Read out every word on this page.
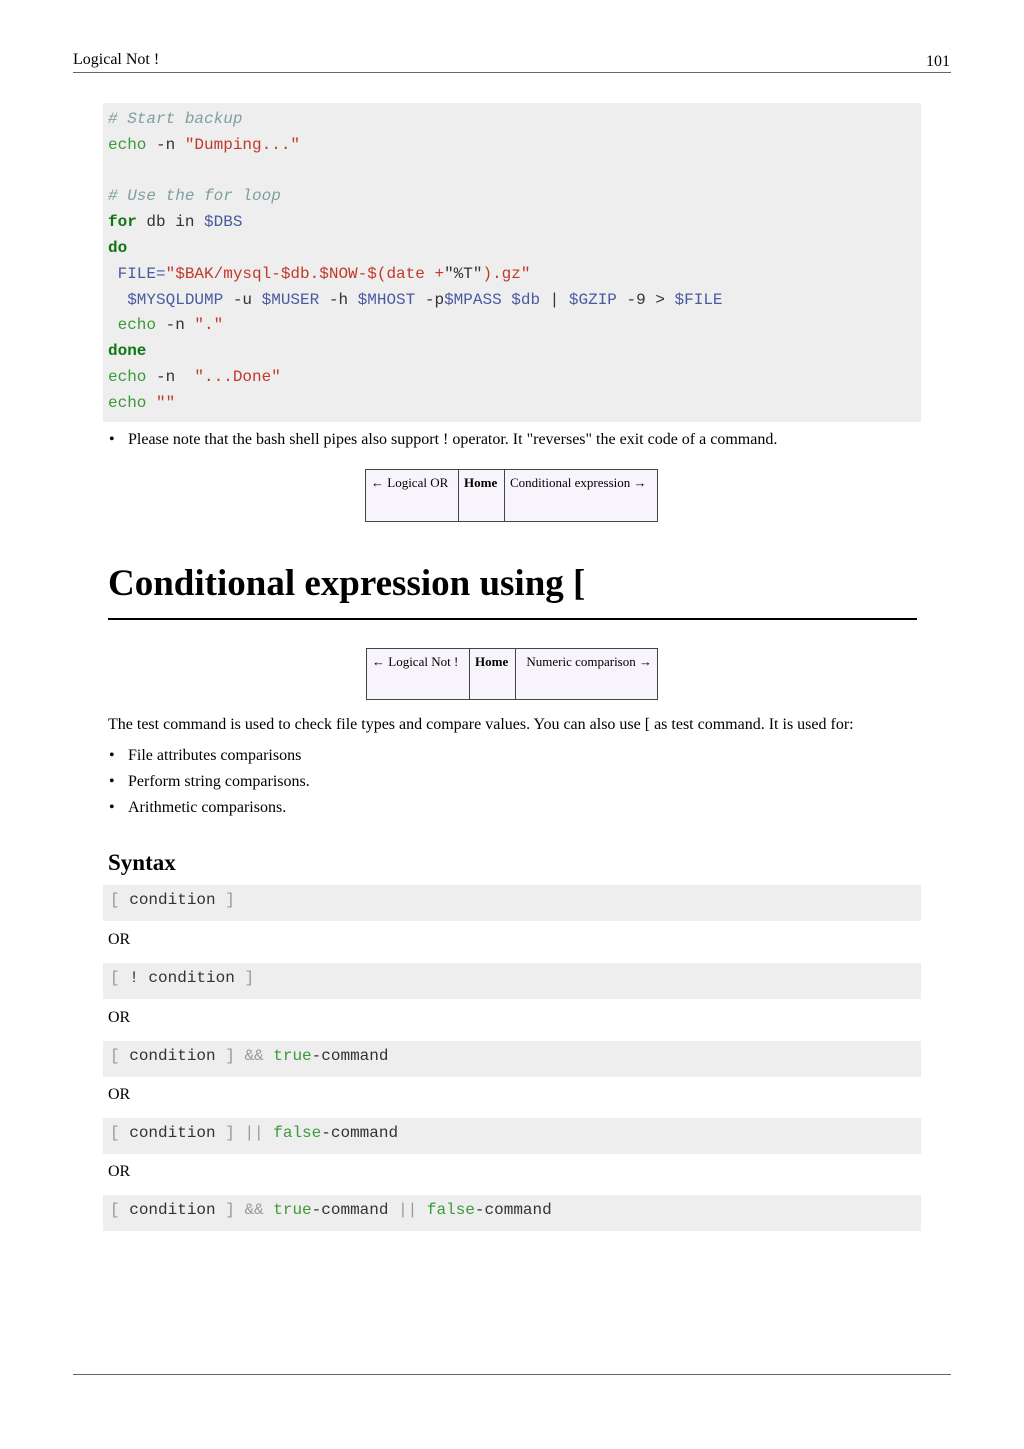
Logical Not !	101
# Start backup
echo -n "Dumping..."

# Use the for loop
for db in $DBS
do
FILE="$BAK/mysql-$db.$NOW-$(date +"%T").gz"
$MYSQLDUMP -u $MUSER -h $MHOST -p$MPASS $db | $GZIP -9 > $FILE
echo -n "."
done
echo -n  "...Done"
echo ""
• Please note that the bash shell pipes also support ! operator. It "reverses" the exit code of a command.
← Logical OR	Home	Conditional expression →
Conditional expression using [
← Logical Not !	Home	Numeric comparison →
The test command is used to check file types and compare values. You can also use [ as test command. It is used for:
• File attributes comparisons
• Perform string comparisons.
• Arithmetic comparisons.
Syntax
[ condition ]
OR
[ ! condition ]
OR
[ condition ] && true-command
OR
[ condition ] || false-command
OR
[ condition ] && true-command || false-command
